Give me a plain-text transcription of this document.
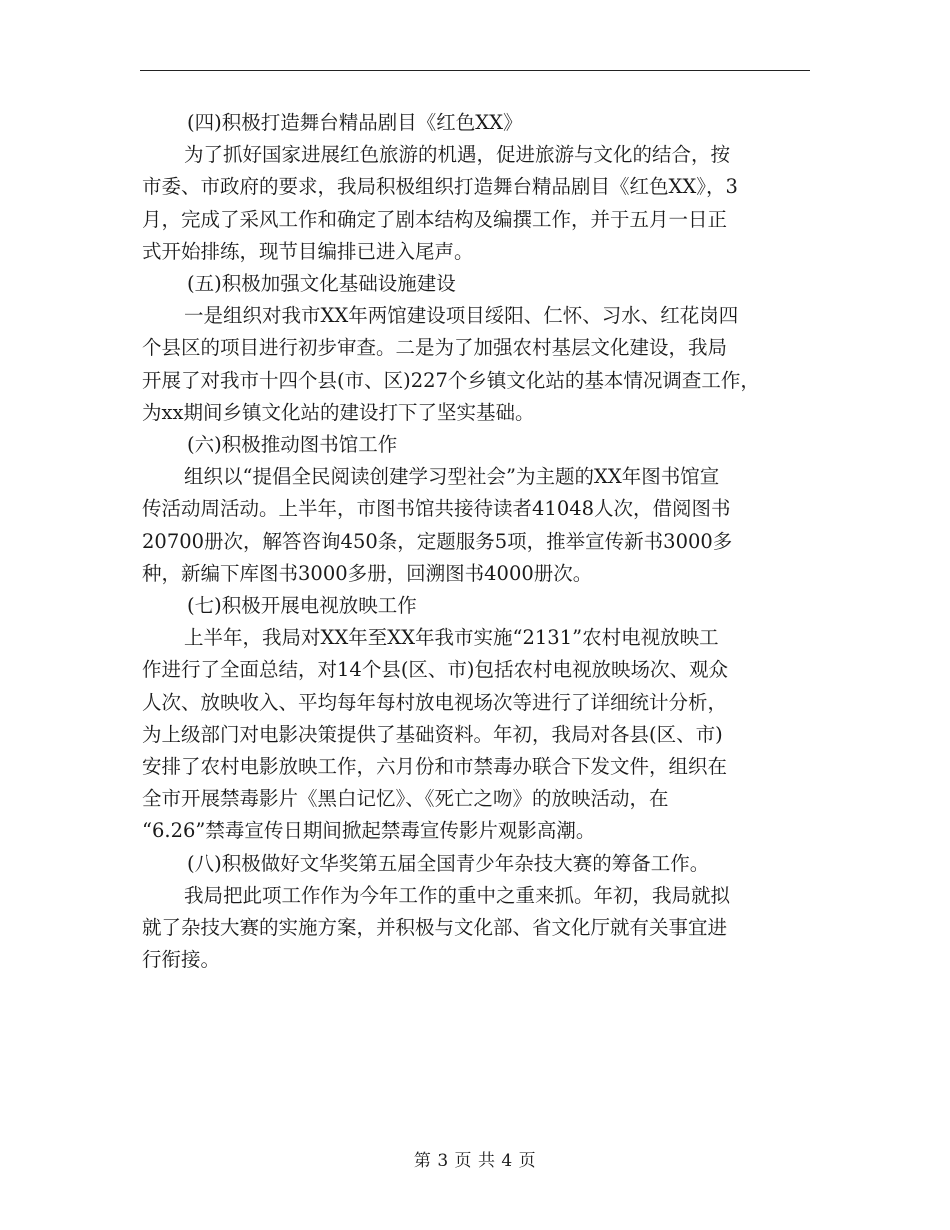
(四)积极打造舞台精品剧目《红色XX》

为了抓好国家进展红色旅游的机遇，促进旅游与文化的结合，按
市委、市政府的要求，我局积极组织打造舞台精品剧目《红色XX》，3
月，完成了采风工作和确定了剧本结构及编撰工作，并于五月一日正
式开始排练，现节目编排已进入尾声。

(五)积极加强文化基础设施建设

一是组织对我市XX年两馆建设项目绥阳、仁怀、习水、红花岗四
个县区的项目进行初步审查。二是为了加强农村基层文化建设，我局
开展了对我市十四个县(市、区)227个乡镇文化站的基本情况调查工作，
为xx期间乡镇文化站的建设打下了坚实基础。

(六)积极推动图书馆工作

组织以“提倡全民阅读创建学习型社会”为主题的XX年图书馆宣
传活动周活动。上半年，市图书馆共接待读者41048人次，借阅图书
20700册次，解答咨询450条，定题服务5项，推举宣传新书3000多
种，新编下库图书3000多册，回溯图书4000册次。

(七)积极开展电视放映工作

上半年，我局对XX年至XX年我市实施“2131”农村电视放映工
作进行了全面总结，对14个县(区、市)包括农村电视放映场次、观众
人次、放映收入、平均每年每村放电视场次等进行了详细统计分析，
为上级部门对电影决策提供了基础资料。年初，我局对各县(区、市)
安排了农村电影放映工作，六月份和市禁毒办联合下发文件，组织在
全市开展禁毒影片《黑白记忆》、《死亡之吻》的放映活动，在
“6.26”禁毒宣传日期间掀起禁毒宣传影片观影高潮。

(八)积极做好文华奖第五届全国青少年杂技大赛的筹备工作。

我局把此项工作作为今年工作的重中之重来抓。年初，我局就拟
就了杂技大赛的实施方案，并积极与文化部、省文化厅就有关事宜进
行衔接。

第 3 页 共 4 页
